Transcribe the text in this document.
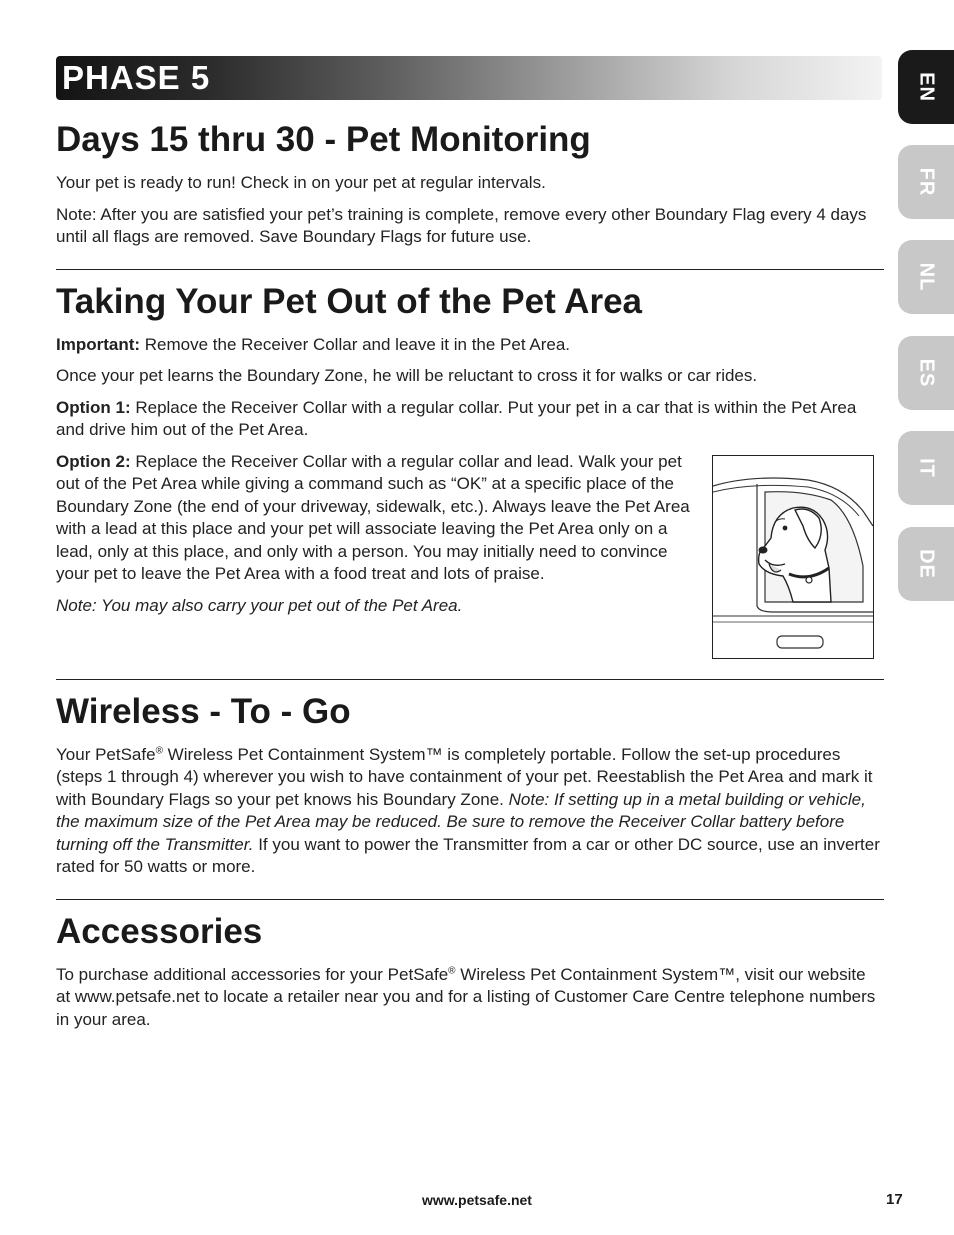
PHASE 5	EN
FR
NL
ES
IT
DE
Days 15 thru 30 - Pet Monitoring

Your pet is ready to run! Check in on your pet at regular intervals.

Note: After you are satisfied your pet’s training is complete, remove every other Boundary Flag every 4 days until all flags are removed. Save Boundary Flags for future use.

Taking Your Pet Out of the Pet Area

Important: Remove the Receiver Collar and leave it in the Pet Area.

Once your pet learns the Boundary Zone, he will be reluctant to cross it for walks or car rides.

Option 1: Replace the Receiver Collar with a regular collar. Put your pet in a car that is within the Pet Area and drive him out of the Pet Area.

Option 2: Replace the Receiver Collar with a regular collar and lead. Walk your pet out of the Pet Area while giving a command such as “OK” at a specific place of the Boundary Zone (the end of your driveway, sidewalk, etc.). Always leave the Pet Area with a lead at this place and your pet will associate leaving the Pet Area only on a lead, only at this place, and only with a person. You may initially need to convince your pet to leave the Pet Area with a food treat and lots of praise.

Note: You may also carry your pet out of the Pet Area.

Wireless - To - Go

Your PetSafe® Wireless Pet Containment System™ is completely portable. Follow the set-up procedures (steps 1 through 4) wherever you wish to have containment of your pet. Reestablish the Pet Area and mark it with Boundary Flags so your pet knows his Boundary Zone. Note: If setting up in a metal building or vehicle, the maximum size of the Pet Area may be reduced. Be sure to remove the Receiver Collar battery before turning off the Transmitter. If you want to power the Transmitter from a car or other DC source, use an inverter rated for 50 watts or more.

Accessories

To purchase additional accessories for your PetSafe® Wireless Pet Containment System™, visit our website at www.petsafe.net to locate a retailer near you and for a listing of Customer Care Centre telephone numbers in your area.

www.petsafe.net	17
